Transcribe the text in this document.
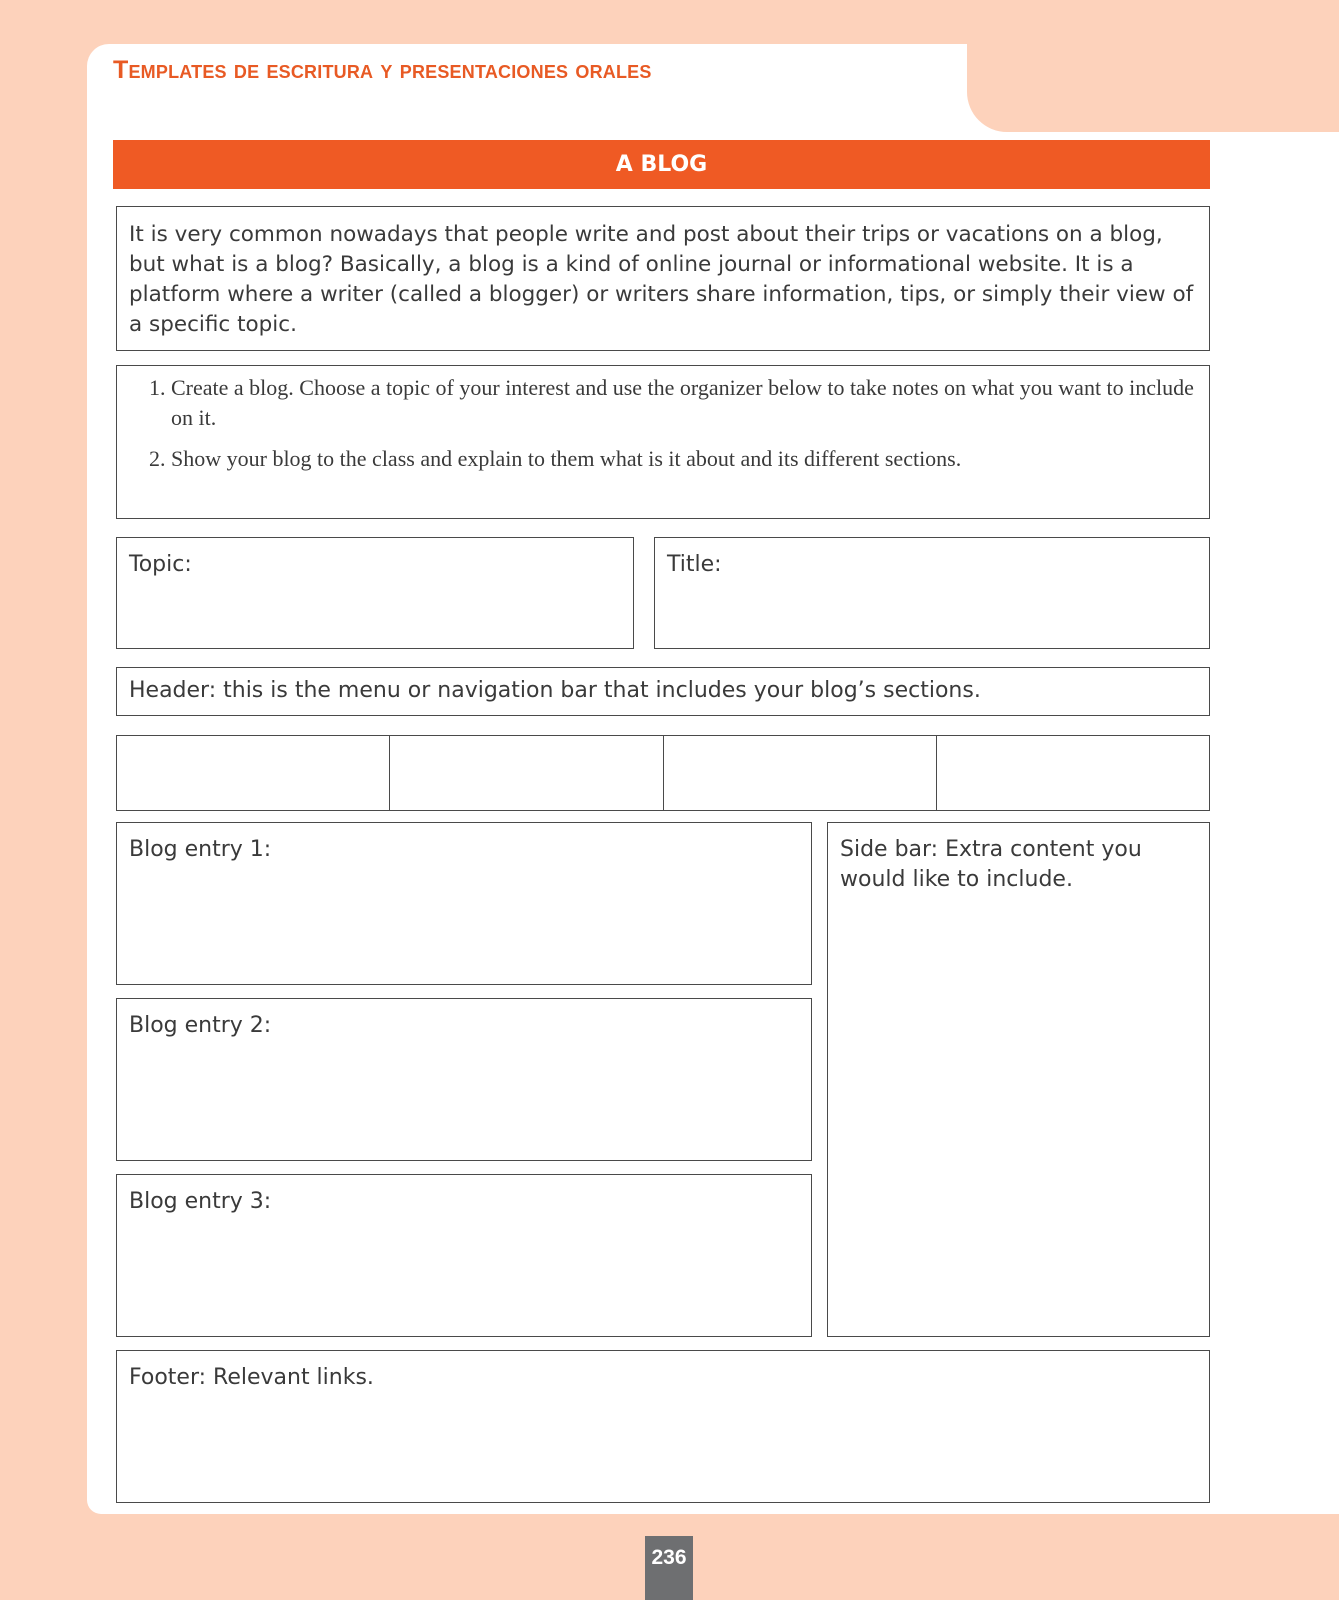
Templates de escritura y presentaciones orales
A BLOG
It is very common nowadays that people write and post about their trips or vacations on a blog, but what is a blog? Basically, a blog is a kind of online journal or informational website. It is a platform where a writer (called a blogger) or writers share information, tips, or simply their view of a specific topic.
1. Create a blog. Choose a topic of your interest and use the organizer below to take notes on what you want to include on it.
2. Show your blog to the class and explain to them what is it about and its different sections.
Topic:	Title:
Header: this is the menu or navigation bar that includes your blog’s sections.
Blog entry 1:
Blog entry 2:
Blog entry 3:
Side bar: Extra content you would like to include.
Footer: Relevant links.
236
